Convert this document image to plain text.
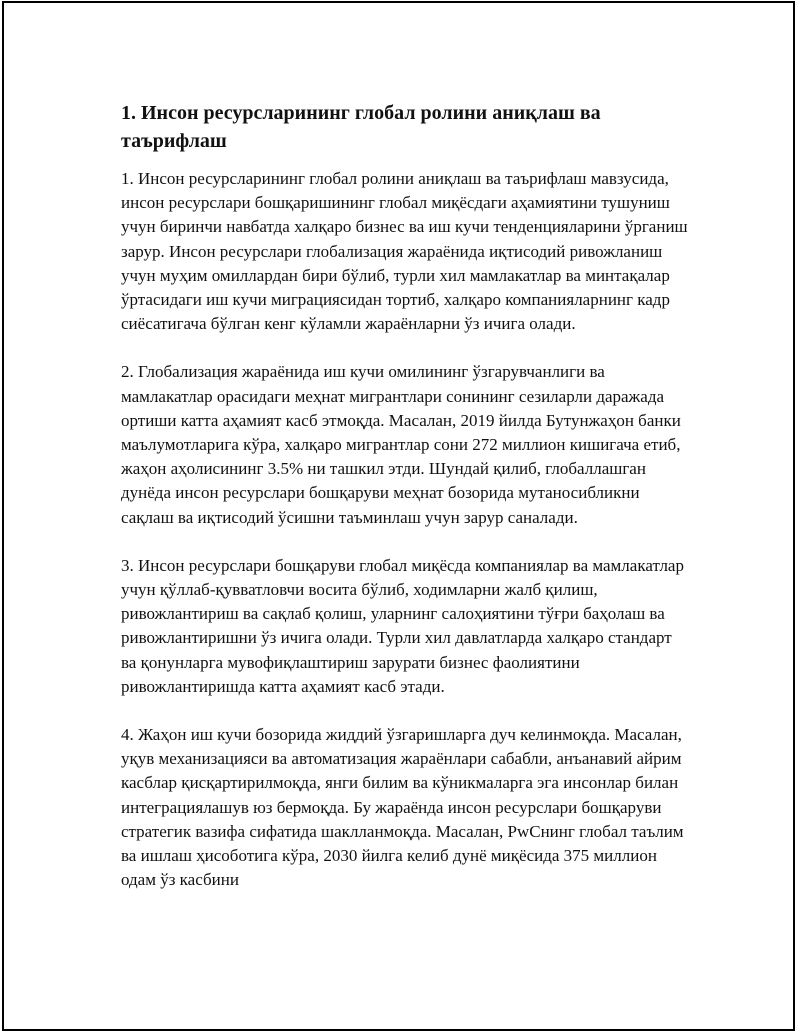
1. Инсон ресурсларининг глобал ролини аниқлаш ва таърифлаш

1. Инсон ресурсларининг глобал ролини аниқлаш ва таърифлаш мавзусида, инсон ресурслари бошқаришининг глобал миқёсдаги аҳамиятини тушуниш учун биринчи навбатда халқаро бизнес ва иш кучи тенденцияларини ўрганиш зарур. Инсон ресурслари глобализация жараёнида иқтисодий ривожланиш учун муҳим омиллардан бири бўлиб, турли хил мамлакатлар ва минтақалар ўртасидаги иш кучи миграциясидан тортиб, халқаро компанияларнинг кадр сиёсатигача бўлган кенг кўламли жараёнларни ўз ичига олади.

2. Глобализация жараёнида иш кучи омилининг ўзгарувчанлиги ва мамлакатлар орасидаги меҳнат мигрантлари сонининг сезиларли даражада ортиши катта аҳамият касб этмоқда. Масалан, 2019 йилда Бутунжаҳон банки маълумотларига кўра, халқаро мигрантлар сони 272 миллион кишигача етиб, жаҳон аҳолисининг 3.5% ни ташкил этди. Шундай қилиб, глобаллашган дунёда инсон ресурслари бошқаруви меҳнат бозорида мутаносибликни сақлаш ва иқтисодий ўсишни таъминлаш учун зарур саналади.

3. Инсон ресурслари бошқаруви глобал миқёсда компаниялар ва мамлакатлар учун қўллаб-қувватловчи восита бўлиб, ходимларни жалб қилиш, ривожлантириш ва сақлаб қолиш, уларнинг салоҳиятини тўғри баҳолаш ва ривожлантиришни ўз ичига олади. Турли хил давлатларда халқаро стандарт ва қонунларга мувофиқлаштириш зарурати бизнес фаолиятини ривожлантиришда катта аҳамият касб этади.

4. Жаҳон иш кучи бозорида жиддий ўзгаришларга дуч келинмоқда. Масалан, уқув механизацияси ва автоматизация жараёнлари сабабли, анъанавий айрим касблар қисқартирилмоқда, янги билим ва кўникмаларга эга инсонлар билан интеграциялашув юз бермоқда. Бу жараёнда инсон ресурслари бошқаруви стратегик вазифа сифатида шаклланмоқда. Масалан, PwСнинг глобал таълим ва ишлаш ҳисоботига кўра, 2030 йилга келиб дунё миқёсида 375 миллион одам ўз касбини
